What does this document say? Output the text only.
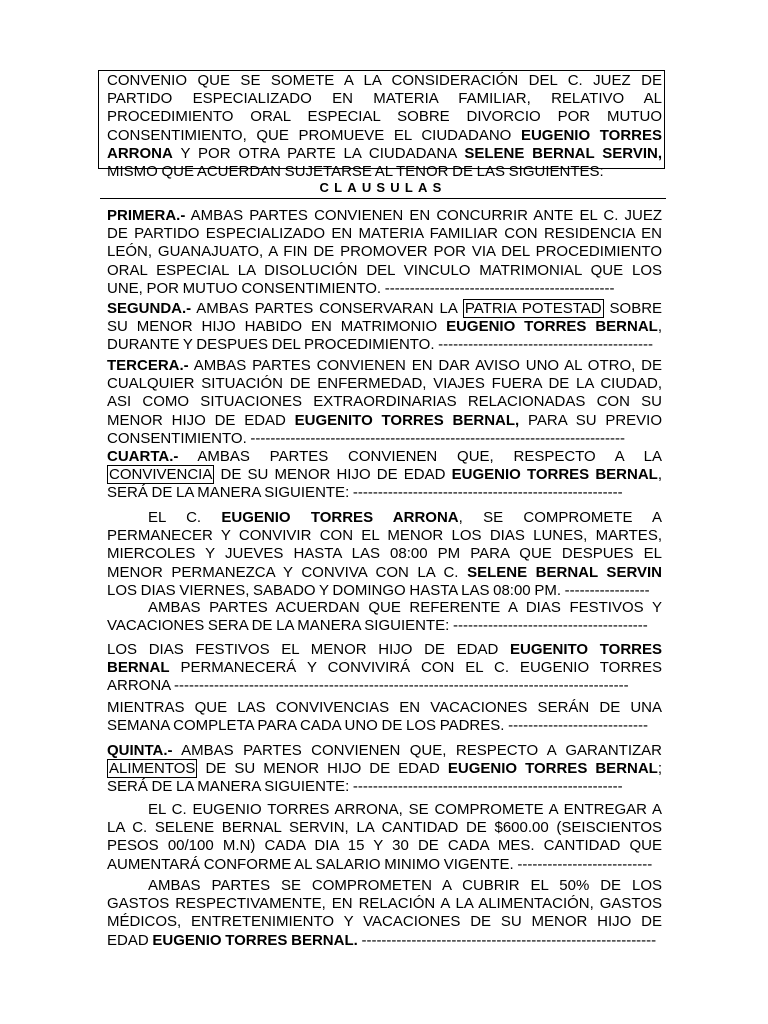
CONVENIO QUE SE SOMETE A LA CONSIDERACIÓN DEL C. JUEZ DE
PARTIDO ESPECIALIZADO EN MATERIA FAMILIAR, RELATIVO AL
PROCEDIMIENTO ORAL ESPECIAL SOBRE DIVORCIO POR MUTUO
CONSENTIMIENTO, QUE PROMUEVE EL CIUDADANO EUGENIO TORRES
ARRONA Y POR OTRA PARTE LA CIUDADANA SELENE BERNAL SERVIN,
MISMO QUE ACUERDAN SUJETARSE AL TENOR DE LAS SIGUIENTES:
CLAUSULAS
PRIMERA.- AMBAS PARTES CONVIENEN EN CONCURRIR ANTE EL C. JUEZ
DE PARTIDO ESPECIALIZADO EN MATERIA FAMILIAR CON RESIDENCIA EN
LEÓN, GUANAJUATO, A FIN DE PROMOVER POR VIA DEL PROCEDIMIENTO
ORAL ESPECIAL LA DISOLUCIÓN DEL VINCULO MATRIMONIAL QUE LOS
UNE, POR MUTUO CONSENTIMIENTO. ----------------------------------------------
SEGUNDA.- AMBAS PARTES CONSERVARAN LA PATRIA POTESTAD SOBRE
SU MENOR HIJO HABIDO EN MATRIMONIO EUGENIO TORRES BERNAL,
DURANTE Y DESPUES DEL PROCEDIMIENTO. -------------------------------------------
TERCERA.- AMBAS PARTES CONVIENEN EN DAR AVISO UNO AL OTRO, DE
CUALQUIER SITUACIÓN DE ENFERMEDAD, VIAJES FUERA DE LA CIUDAD,
ASI COMO SITUACIONES EXTRAORDINARIAS RELACIONADAS CON SU
MENOR HIJO DE EDAD EUGENITO TORRES BERNAL, PARA SU PREVIO
CONSENTIMIENTO. ---------------------------------------------------------------------------
CUARTA.- AMBAS PARTES CONVIENEN QUE, RESPECTO A LA
CONVIVENCIA DE SU MENOR HIJO DE EDAD EUGENIO TORRES BERNAL,
SERÁ DE LA MANERA SIGUIENTE: ------------------------------------------------------
EL C. EUGENIO TORRES ARRONA, SE COMPROMETE A
PERMANECER Y CONVIVIR CON EL MENOR LOS DIAS LUNES, MARTES,
MIERCOLES Y JUEVES HASTA LAS 08:00 PM PARA QUE DESPUES EL
MENOR PERMANEZCA Y CONVIVA CON LA C. SELENE BERNAL SERVIN
LOS DIAS VIERNES, SABADO Y DOMINGO HASTA LAS 08:00 PM. -----------------
AMBAS PARTES ACUERDAN QUE REFERENTE A DIAS FESTIVOS Y
VACACIONES SERA DE LA MANERA SIGUIENTE: ---------------------------------------
LOS DIAS FESTIVOS EL MENOR HIJO DE EDAD EUGENITO TORRES
BERNAL PERMANECERÁ Y CONVIVIRÁ CON EL C. EUGENIO TORRES
ARRONA -------------------------------------------------------------------------------------------
MIENTRAS QUE LAS CONVIVENCIAS EN VACACIONES SERÁN DE UNA
SEMANA COMPLETA PARA CADA UNO DE LOS PADRES. ----------------------------
QUINTA.- AMBAS PARTES CONVIENEN QUE, RESPECTO A GARANTIZAR
ALIMENTOS DE SU MENOR HIJO DE EDAD EUGENIO TORRES BERNAL;
SERÁ DE LA MANERA SIGUIENTE: ------------------------------------------------------
EL C. EUGENIO TORRES ARRONA, SE COMPROMETE A ENTREGAR A
LA C. SELENE BERNAL SERVIN, LA CANTIDAD DE $600.00 (SEISCIENTOS
PESOS 00/100 M.N) CADA DIA 15 Y 30 DE CADA MES. CANTIDAD QUE
AUMENTARÁ CONFORME AL SALARIO MINIMO VIGENTE. ---------------------------
AMBAS PARTES SE COMPROMETEN A CUBRIR EL 50% DE LOS
GASTOS RESPECTIVAMENTE, EN RELACIÓN A LA ALIMENTACIÓN, GASTOS
MÉDICOS, ENTRETENIMIENTO Y VACACIONES DE SU MENOR HIJO DE
EDAD EUGENIO TORRES BERNAL. -----------------------------------------------------------
